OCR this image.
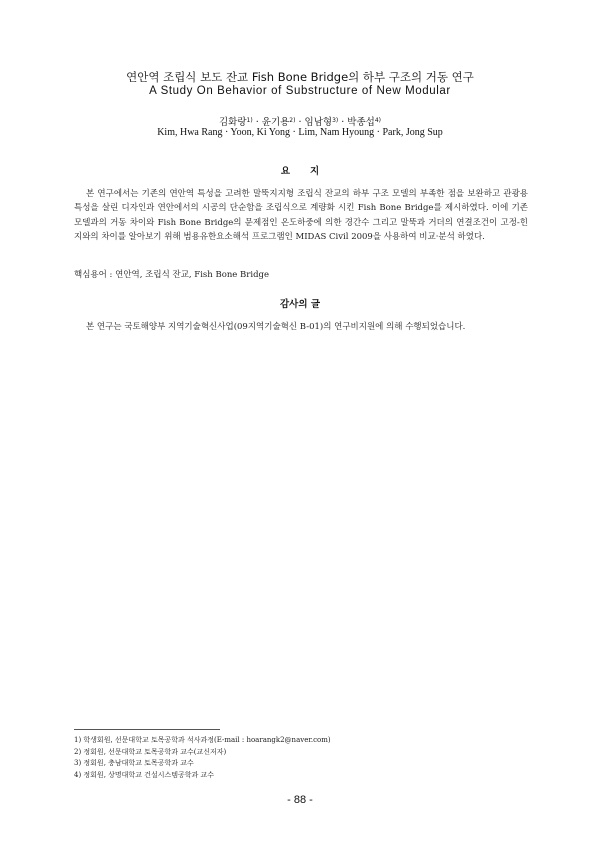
연안역 조립식 보도 잔교 Fish Bone Bridge의 하부 구조의 거동 연구
A Study On Behavior of Substructure of New Modular
김화랑$^{1)}$ · 윤기용$^{2)}$ · 임남형$^{3)}$ · 박종섭$^{4)}$
Kim, Hwa Rang · Yoon, Ki Yong · Lim, Nam Hyoung · Park, Jong Sup
요지

본 연구에서는 기존의 연안역 특성을 고려한 말뚝지지형 조립식 잔교의 하부 구조 모델의 부족한 점을 보완하고 관광용 특성을 살린 디자인과 연안에서의 시공의 단순함을 조립식으로 계량화 시킨 Fish Bone Bridge를 제시하였다. 이에 기존 모델과의 거동 차이와 Fish Bone Bridge의 문제점인 온도하중에 의한 경간수 그리고 말뚝과 거더의 연결조건이 고정-힌지와의 차이를 알아보기 위해 범용유한요소해석 프로그램인 MIDAS Civil 2009을 사용하여 비교·분석 하였다.

핵심용어 : 연안역, 조립식 잔교, Fish Bone Bridge

감사의 글

본 연구는 국토해양부 지역기술혁신사업(09지역기술혁신 B-01)의 연구비지원에 의해 수행되었습니다.

1) 학생회원, 선문대학교 토목공학과 석사과정(E-mail : hoarangk2@naver.com)
2) 정회원, 선문대학교 토목공학과 교수(교신저자)
3) 정회원, 충남대학교 토목공학과 교수
4) 정회원, 상명대학교 건설시스템공학과 교수
- 88 -
